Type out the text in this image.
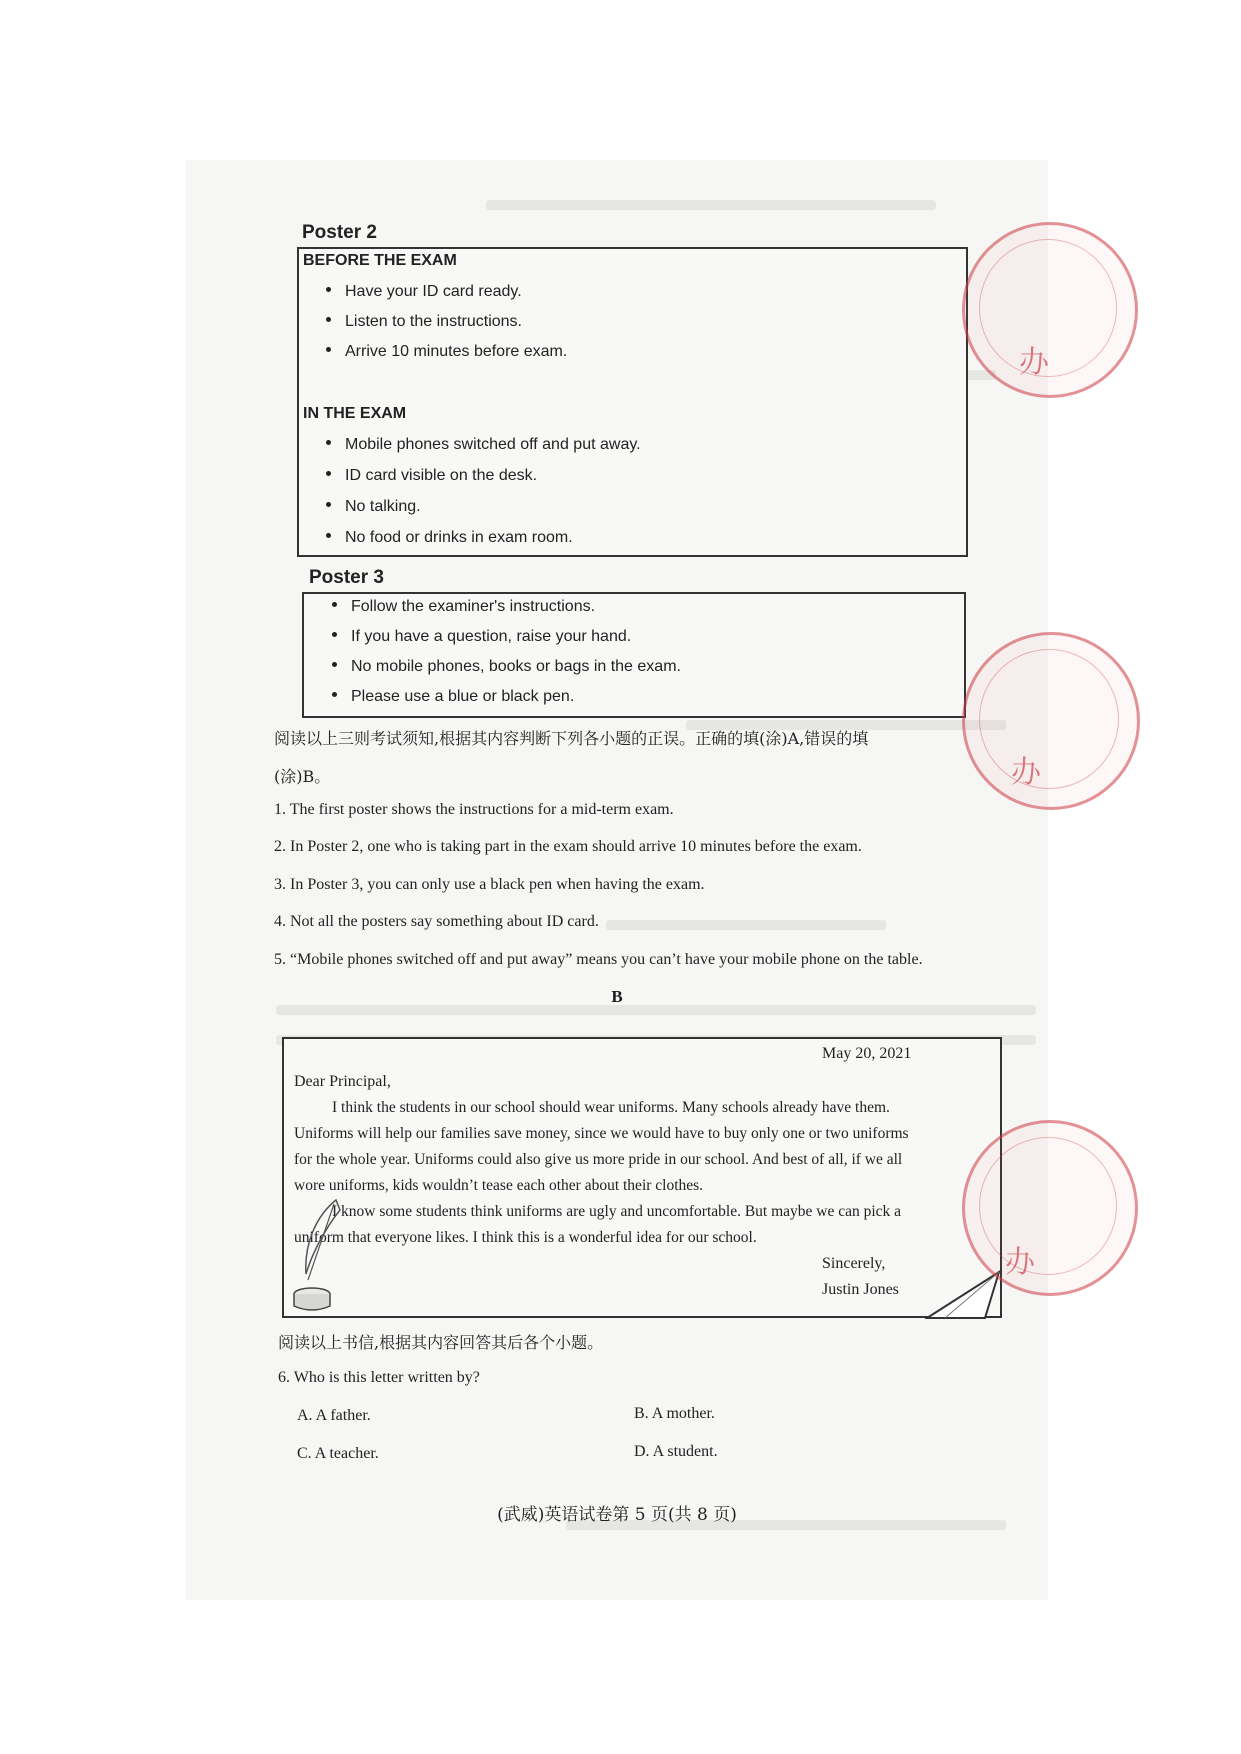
Poster 2
BEFORE THE EXAM
Have your ID card ready.
Listen to the instructions.
Arrive 10 minutes before exam.
IN THE EXAM
Mobile phones switched off and put away.
ID card visible on the desk.
No talking.
No food or drinks in exam room.
Poster 3
Follow the examiner's instructions.
If you have a question, raise your hand.
No mobile phones, books or bags in the exam.
Please use a blue or black pen.
阅读以上三则考试须知,根据其内容判断下列各小题的正误。正确的填(涂)A,错误的填
(涂)B。
1. The first poster shows the instructions for a mid-term exam.
2. In Poster 2, one who is taking part in the exam should arrive 10 minutes before the exam.
3. In Poster 3, you can only use a black pen when having the exam.
4. Not all the posters say something about ID card.
5. “Mobile phones switched off and put away” means you can’t have your mobile phone on the table.
B
May 20, 2021
Dear Principal,
I think the students in our school should wear uniforms. Many schools already have them.
Uniforms will help our families save money, since we would have to buy only one or two uniforms
for the whole year. Uniforms could also give us more pride in our school. And best of all, if we all
wore uniforms, kids wouldn’t tease each other about their clothes.
I know some students think uniforms are ugly and uncomfortable. But maybe we can pick a
uniform that everyone likes. I think this is a wonderful idea for our school.
Sincerely,
Justin Jones
阅读以上书信,根据其内容回答其后各个小题。
6. Who is this letter written by?
A. A father.	B. A mother.
C. A teacher.	D. A student.
(武威)英语试卷第 5 页(共 8 页)
办
办
办
